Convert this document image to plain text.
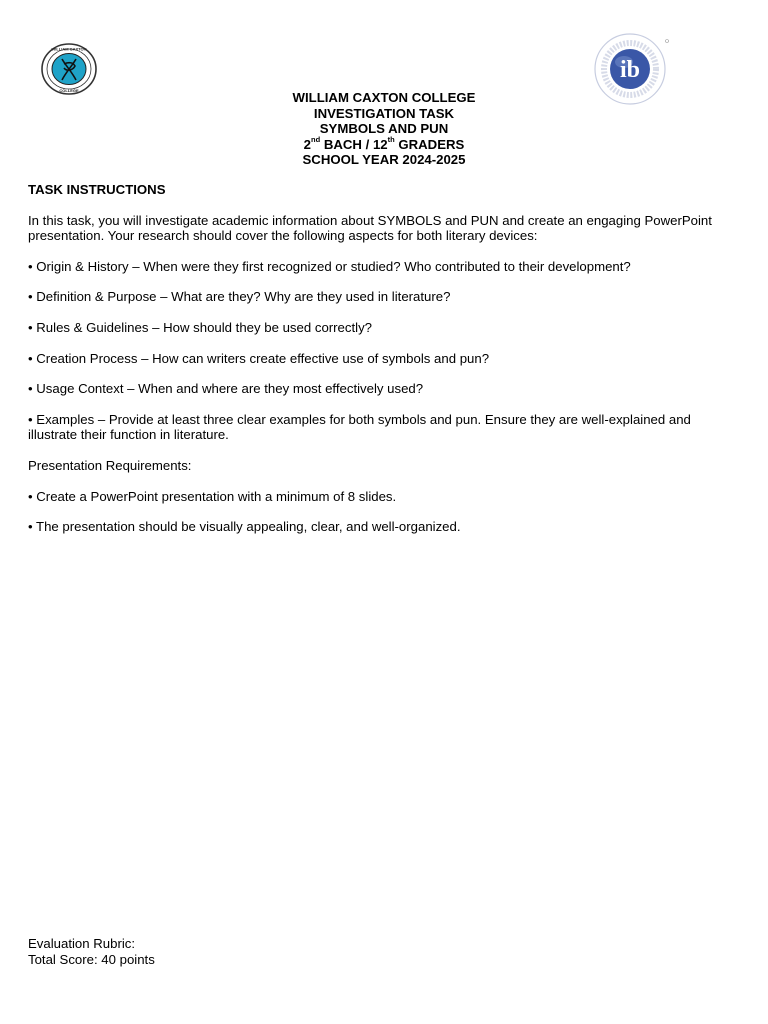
WILLIAM CAXTON
COLLEGE
ib
WILLIAM CAXTON COLLEGE
INVESTIGATION TASK
SYMBOLS AND PUN
2nd BACH / 12th GRADERS
SCHOOL YEAR 2024-2025

TASK INSTRUCTIONS

In this task, you will investigate academic information about SYMBOLS and PUN and create an engaging PowerPoint presentation. Your research should cover the following aspects for both literary devices:

• Origin & History – When were they first recognized or studied? Who contributed to their development?

• Definition & Purpose – What are they? Why are they used in literature?

• Rules & Guidelines – How should they be used correctly?

• Creation Process – How can writers create effective use of symbols and pun?

• Usage Context – When and where are they most effectively used?

• Examples – Provide at least three clear examples for both symbols and pun. Ensure they are well-explained and illustrate their function in literature.

Presentation Requirements:

• Create a PowerPoint presentation with a minimum of 8 slides.

• The presentation should be visually appealing, clear, and well-organized.

Evaluation Rubric:
Total Score: 40 points
